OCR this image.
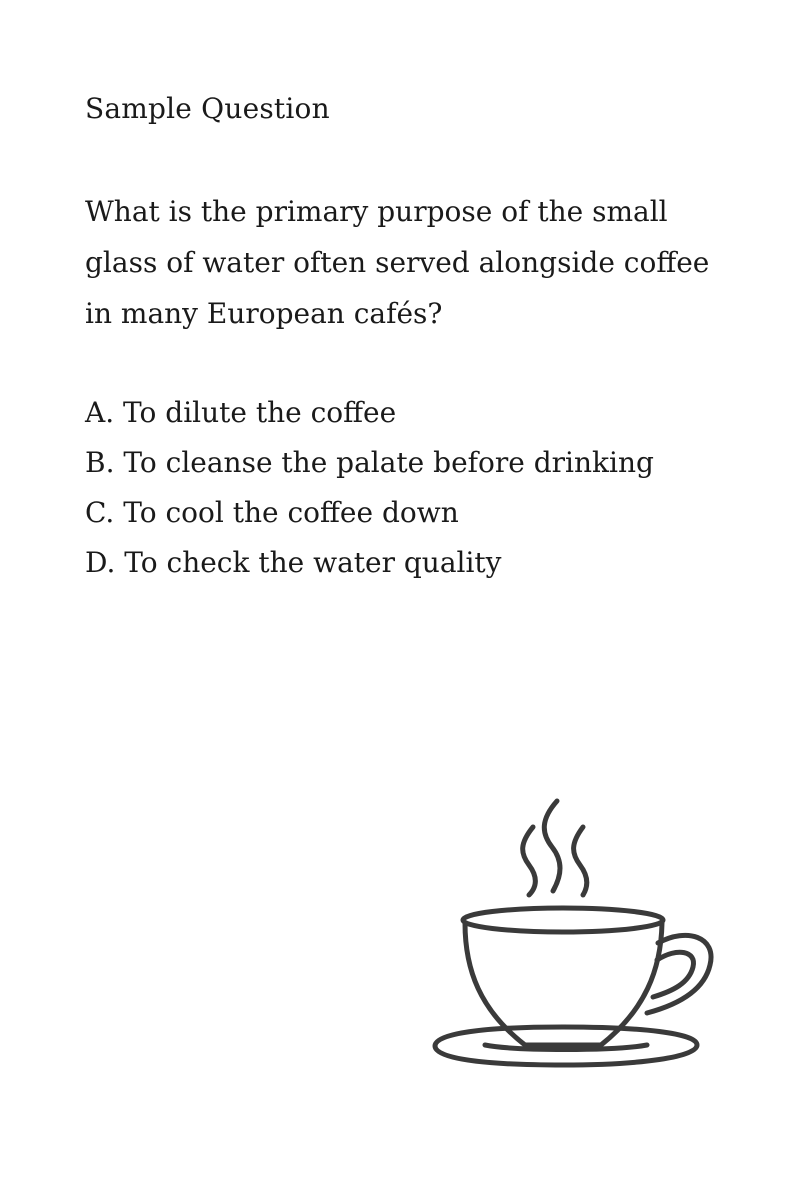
Sample Question

What is the primary purpose of the small glass of water often served alongside coffee in many European cafés?

A. To dilute the coffee
B. To cleanse the palate before drinking
C. To cool the coffee down
D. To check the water quality
